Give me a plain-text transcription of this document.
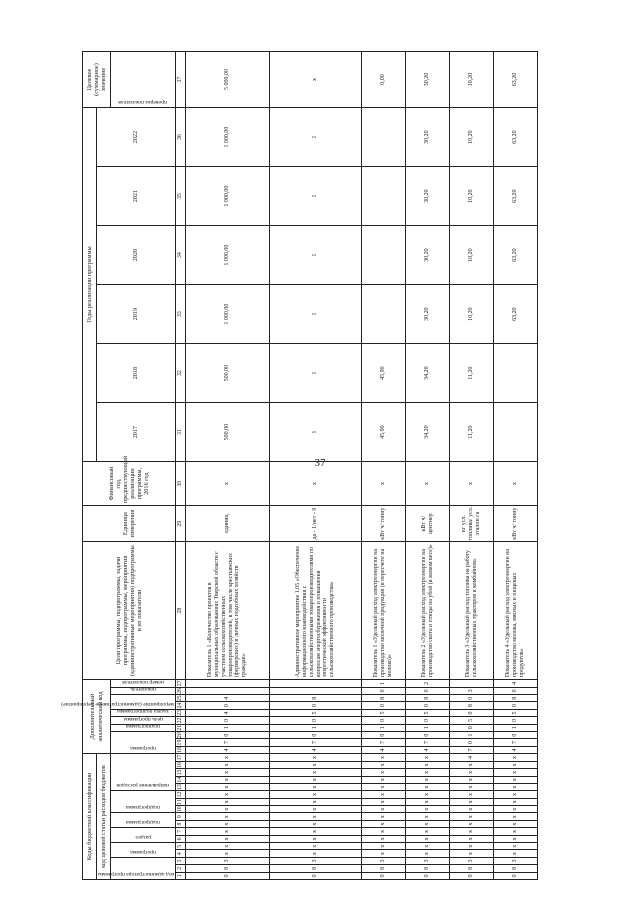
37
Коды бюджетной классификации																	Дополнительный аналитический код										Цели программы, подпрограммы, задачи программы, подпрограммы, мероприятия (административные мероприятия) подпрограммы и их показатели	Единица измерения	Финансовый год, предшествующий реализации программы, 2016 год	Годы реализации программы						Целевое (суммарное) значение	
код целевой статьи расходов бюджетов																														2017	2018	2019	2020	2021	2022		

код администратора программы			программа		раздел		подпрограмма		подпрограмма			направление расходов					программа			подпрограмма	цель программы	задача подпрограммы	мероприятие (административное мероприятие)		показатель	номер показателя										проверка показателя

1	2	3	4	5	6	7	8	9	10	11	12	13	14	15	16	17	18	19	20	21	22	23	24	25	26	27	28	29	30	31	32	33	34	35	36	37	
0	8	3	х	х	х	х	х	х	х	х	х	х	х	х	х	х	4	7	0	1	0	4	0	4			Показатель 1 «Количество проектов в муниципальных образованиях Тверской области с участием сельскохозяйственных товаропроизводителей, в том числе крестьянских (фермерских) и личных подсобных хозяйств граждан»	единиц	х	500,00	500,00	1 000,00	1 000,00	1 000,00	1 000,00	5 000,00	
0	8	3	х	х	х	х	х	х	х	х	х	х	х	х	х	х	4	7	0	1	0	5	0	8			Административное мероприятие 1.05 «Обеспечение информационного взаимодействия с сельскохозяйственными товаропроизводителями по вопросам энергосбережения и повышения энергетической эффективности сельскохозяйственного производства»	да - 1/нет - 0	х	1	1	1	1	1	1	х	
0	8	3	х	х	х	х	х	х	х	х	х	х	х	х	х	х	4	7	0	1	0	5	0	8	0	1	Показатель 1 «Удельный расход электроэнергии на производство молочной продукции (в пересчете на молоко)»	кВт ч/ тонну	х	45,90	45,90					0,00	
0	8	3	х	х	х	х	х	х	х	х	х	х	х	х	х	х	4	7	0	1	0	5	0	8	0	2	Показатель 2 «Удельный расход электроэнергии на производство скота и птицы на убой (в живом весе)»	кВт ч/ центнер	х	34,20	34,20	30,20	30,20	30,20	30,20	30,20	
0	8	3	х	х	х	х	х	х	х	х	х	х	х	х	х	4	7	0	1	0	5	0	8	0	3		Показатель 3 «Удельный расход топлива на работу сельскохозяйственных тракторов и комбайнов»	кг усл. топлива/ усл. эталон га	х	11,20	11,20	10,20	10,20	10,20	10,20	10,20	
0	8	3	х	х	х	х	х	х	х	х	х	х	х	х	х	х	4	7	0	1	0	5	0	8	0	4	Показатель 4 «Удельный расход электроэнергии на производство молока, мясных и пищевых продуктов»	кВт ч/ тонну	х			63,20	63,20	63,20	63,20	63,20	
